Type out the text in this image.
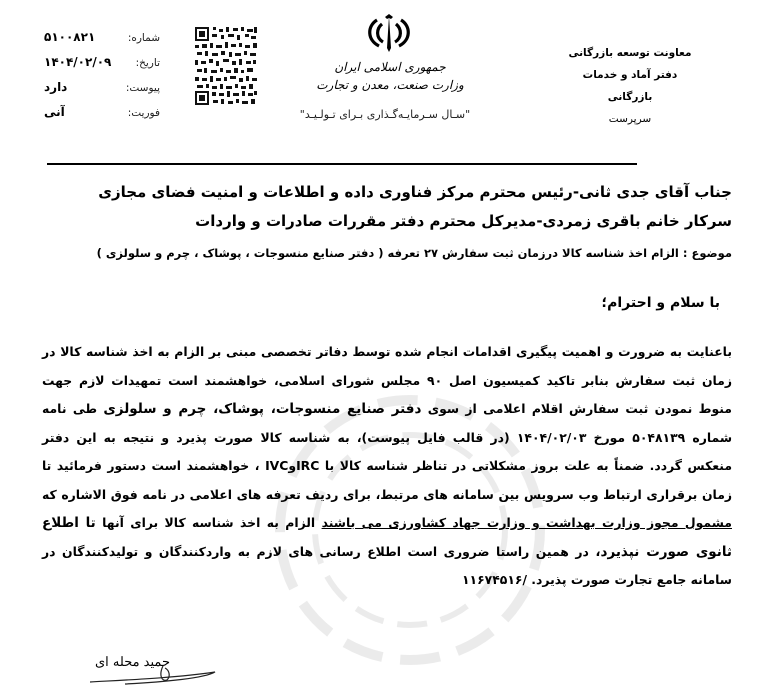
شماره:
۵۱۰۰۸۲۱
تاریخ:
۱۴۰۴/۰۲/۰۹
پیوست:
دارد
فوریت:
آنی
جمهوری اسلامی ایران
وزارت صنعت، معدن و تجارت
"سـال سـرمایـه‌گـذاری بـرای تـولـیـد"
معاونت توسعه بازرگانی
دفتر آماد و خدمات بازرگانی
سرپرست
جناب آقای جدی ثانی-رئیس محترم مرکز فناوری داده و اطلاعات و امنیت فضای مجازی
سرکار خانم باقری زمردی-مدیرکل محترم دفتر مقررات صادرات و واردات
موضوع : الزام اخذ شناسه کالا درزمان ثبت سفارش ۲۷ تعرفه ( دفتر صنایع منسوجات ، پوشاک ، چرم و سلولزی )
با سلام و احترام؛
باعنایت به ضرورت و اهمیت پیگیری اقدامات انجام شده توسط دفاتر تخصصی مبنی بر الزام به اخذ شناسه کالا در زمان ثبت سفارش بنابر تاکید کمیسیون اصل ۹۰ مجلس شورای اسلامی، خواهشمند است تمهیدات لازم جهت منوط نمودن ثبت سفارش اقلام اعلامی از سوی دفتر صنایع منسوجات، پوشاک، چرم و سلولزی طی نامه شماره ۵۰۴۸۱۳۹ مورخ ۱۴۰۴/۰۲/۰۳ (در قالب فایل پیوست)، به شناسه کالا صورت پذیرد و نتیجه به این دفتر منعکس گردد. ضمناً به علت بروز مشکلاتی در تناظر شناسه کالا با IRCوIVC ، خواهشمند است دستور فرمائید تا زمان برقراری ارتباط وب سرویس بین سامانه های مرتبط، برای ردیف تعرفه های اعلامی در نامه فوق الاشاره که مشمول مجوز وزارت بهداشت و وزارت جهاد کشاورزی می باشند الزام به اخذ شناسه کالا برای آنها تا اطلاع ثانوی صورت نپذیرد، در همین راستا ضروری است اطلاع رسانی های لازم به واردکنندگان و تولیدکنندگان در سامانه جامع تجارت صورت پذیرد. /۱۱۶۷۴۵۱۶
حمید محله ای
